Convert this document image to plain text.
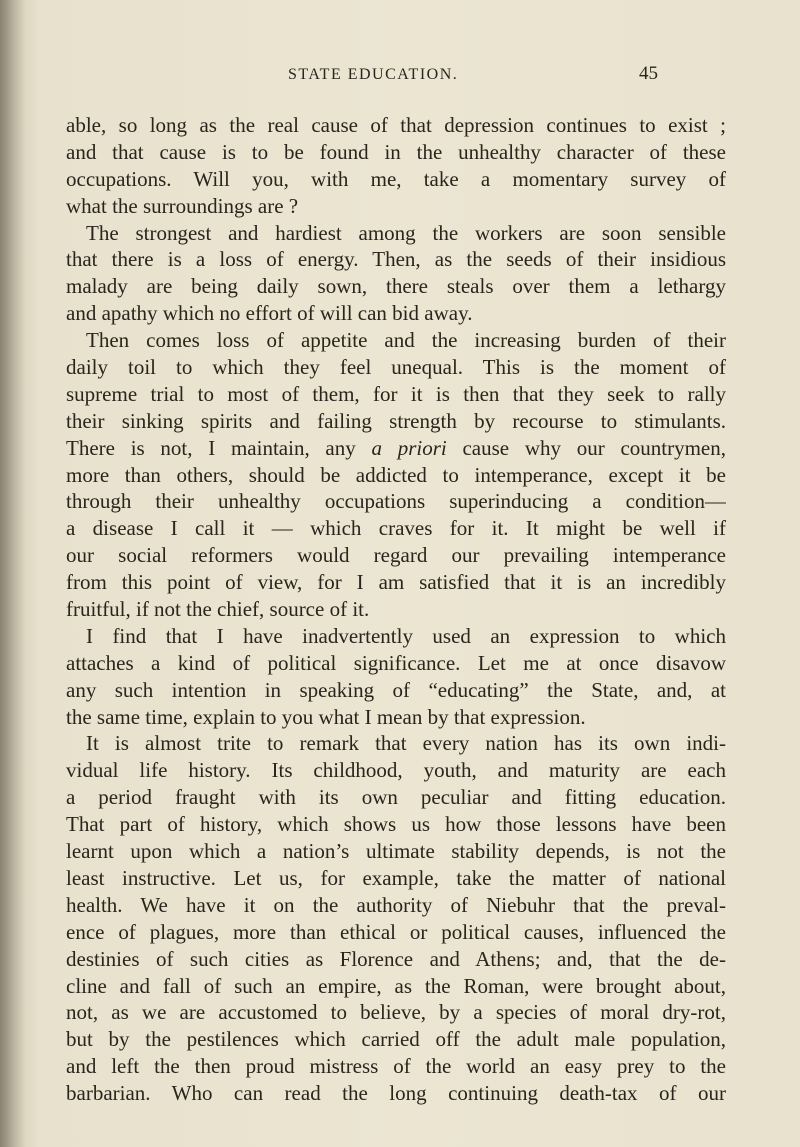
STATE EDUCATION.	45
able, so long as the real cause of that depression continues to exist ;
and that cause is to be found in the unhealthy character of these
occupations. Will you, with me, take a momentary survey of
what the surroundings are ?
The strongest and hardiest among the workers are soon sensible
that there is a loss of energy. Then, as the seeds of their insidious
malady are being daily sown, there steals over them a lethargy
and apathy which no effort of will can bid away.
Then comes loss of appetite and the increasing burden of their
daily toil to which they feel unequal. This is the moment of
supreme trial to most of them, for it is then that they seek to rally
their sinking spirits and failing strength by recourse to stimulants.
There is not, I maintain, any a priori cause why our countrymen,
more than others, should be addicted to intemperance, except it be
through their unhealthy occupations superinducing a condition—
a disease I call it — which craves for it. It might be well if
our social reformers would regard our prevailing intemperance
from this point of view, for I am satisfied that it is an incredibly
fruitful, if not the chief, source of it.
I find that I have inadvertently used an expression to which
attaches a kind of political significance. Let me at once disavow
any such intention in speaking of “educating” the State, and, at
the same time, explain to you what I mean by that expression.
It is almost trite to remark that every nation has its own indi-
vidual life history. Its childhood, youth, and maturity are each
a period fraught with its own peculiar and fitting education.
That part of history, which shows us how those lessons have been
learnt upon which a nation’s ultimate stability depends, is not the
least instructive. Let us, for example, take the matter of national
health. We have it on the authority of Niebuhr that the preval-
ence of plagues, more than ethical or political causes, influenced the
destinies of such cities as Florence and Athens; and, that the de-
cline and fall of such an empire, as the Roman, were brought about,
not, as we are accustomed to believe, by a species of moral dry-rot,
but by the pestilences which carried off the adult male population,
and left the then proud mistress of the world an easy prey to the
barbarian. Who can read the long continuing death-tax of our
